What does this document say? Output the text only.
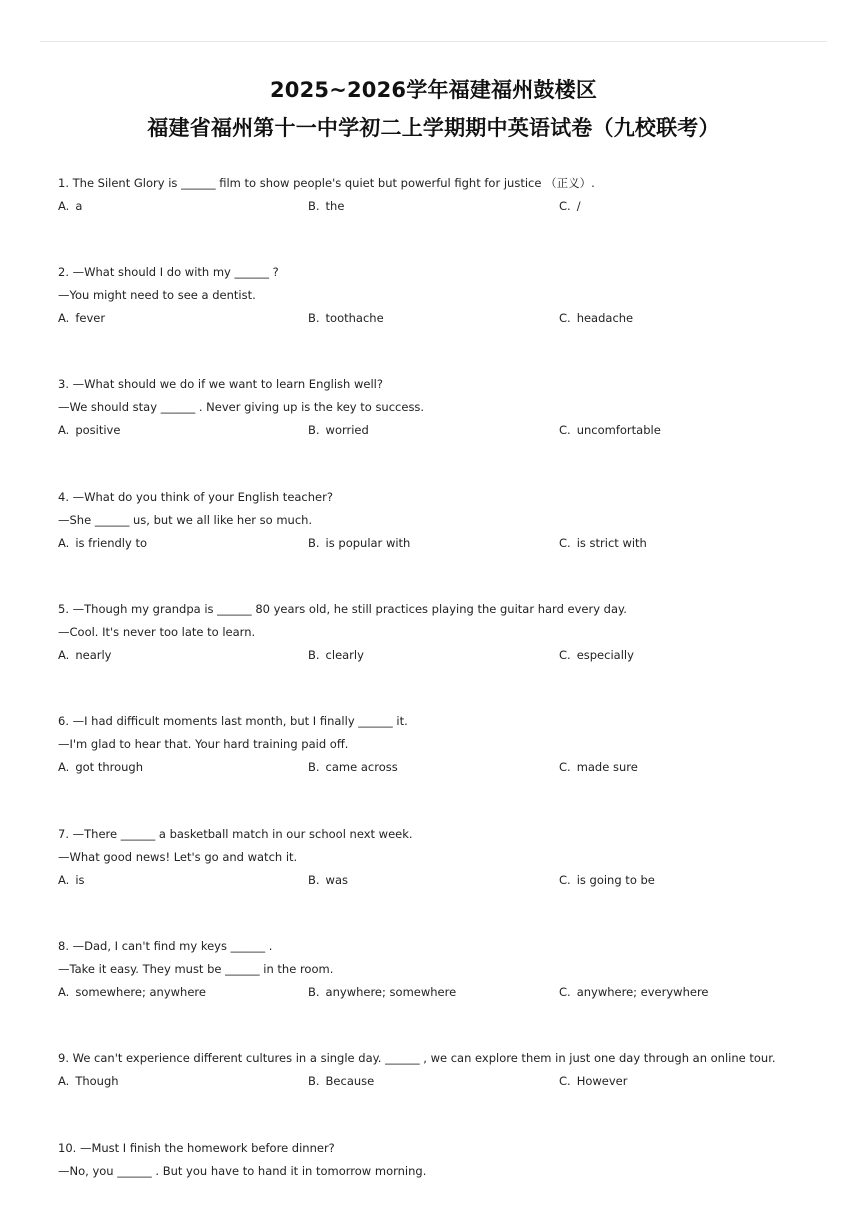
2025~2026学年福建福州鼓楼区
福建省福州第十一中学初二上学期期中英语试卷（九校联考）
1. The Silent Glory is ______ film to show people's quiet but powerful fight for justice （正义）.
A. a	B. the	C. /
2. —What should I do with my ______ ?
—You might need to see a dentist.
A. fever	B. toothache	C. headache
3. —What should we do if we want to learn English well?
—We should stay ______ . Never giving up is the key to success.
A. positive	B. worried	C. uncomfortable
4. —What do you think of your English teacher?
—She ______ us, but we all like her so much.
A. is friendly to	B. is popular with	C. is strict with
5. —Though my grandpa is ______ 80 years old, he still practices playing the guitar hard every day.
—Cool. It's never too late to learn.
A. nearly	B. clearly	C. especially
6. —I had difficult moments last month, but I finally ______ it.
—I'm glad to hear that. Your hard training paid off.
A. got through	B. came across	C. made sure
7. —There ______ a basketball match in our school next week.
—What good news! Let's go and watch it.
A. is	B. was	C. is going to be
8. —Dad, I can't find my keys ______ .
—Take it easy. They must be ______ in the room.
A. somewhere; anywhere	B. anywhere; somewhere	C. anywhere; everywhere
9. We can't experience different cultures in a single day. ______ , we can explore them in just one day through an online tour.
A. Though	B. Because	C. However
10. —Must I finish the homework before dinner?
—No, you ______ . But you have to hand it in tomorrow morning.
